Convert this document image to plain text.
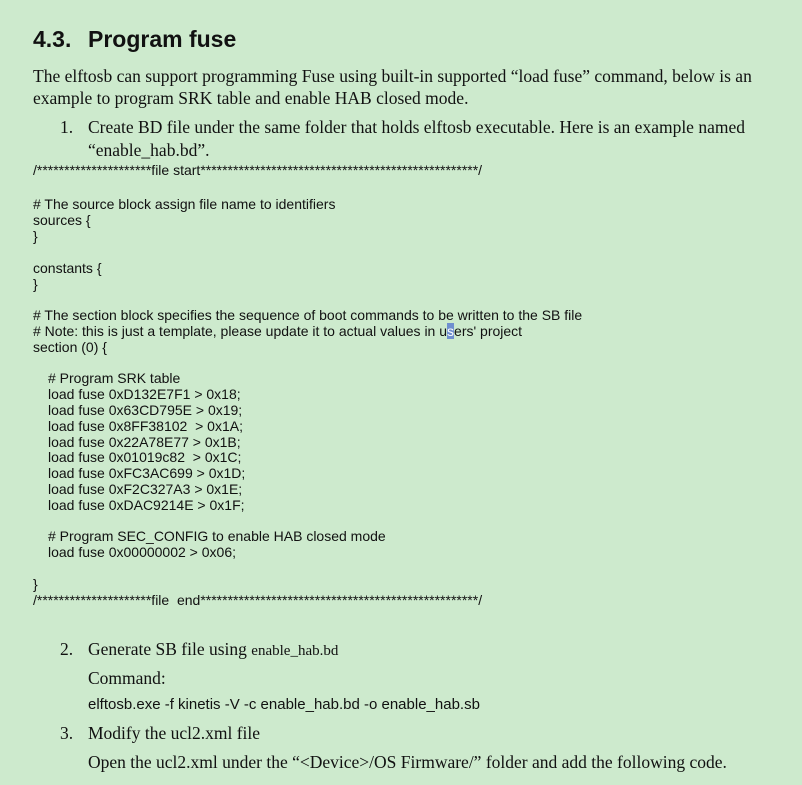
4.3. Program fuse
The elftosb can support programming Fuse using built-in supported “load fuse” command, below is an
example to program SRK table and enable HAB closed mode.
1. Create BD file under the same folder that holds elftosb executable. Here is an example named
“enable_hab.bd”.
/*********************file start***************************************************/
# The source block assign file name to identifiers
sources {
}
constants {
}
# The section block specifies the sequence of boot commands to be written to the SB file
# Note: this is just a template, please update it to actual values in users' project
section (0) {
# Program SRK table
load fuse 0xD132E7F1 > 0x18;
load fuse 0x63CD795E > 0x19;
load fuse 0x8FF38102  > 0x1A;
load fuse 0x22A78E77 > 0x1B;
load fuse 0x01019c82  > 0x1C;
load fuse 0xFC3AC699 > 0x1D;
load fuse 0xF2C327A3 > 0x1E;
load fuse 0xDAC9214E > 0x1F;
# Program SEC_CONFIG to enable HAB closed mode
load fuse 0x00000002 > 0x06;
}
/*********************file  end***************************************************/
2. Generate SB file using enable_hab.bd
Command:
elftosb.exe -f kinetis -V -c enable_hab.bd -o enable_hab.sb
3. Modify the ucl2.xml file
Open the ucl2.xml under the “<Device>/OS Firmware/” folder and add the following code.
